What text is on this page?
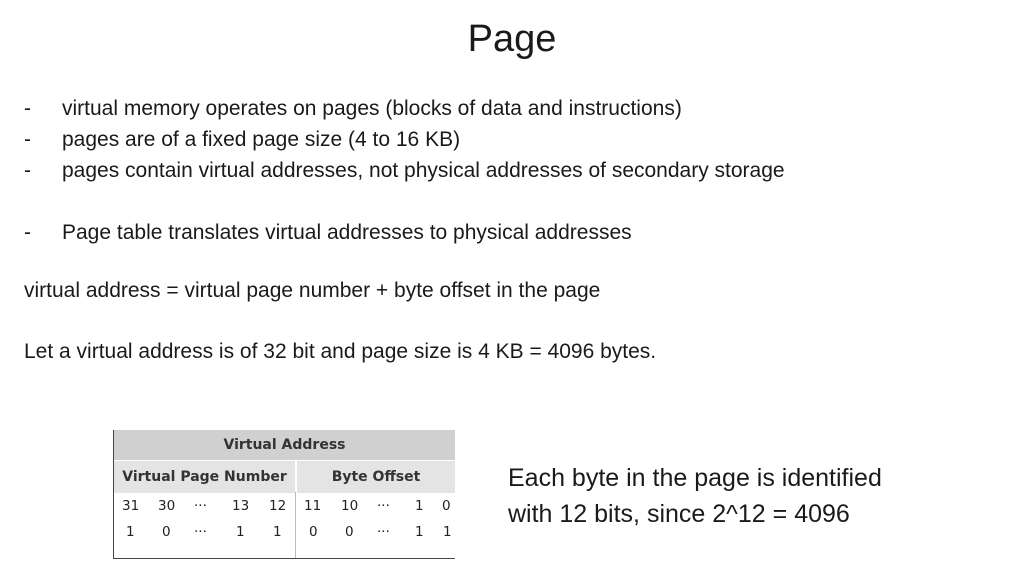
Page
-	virtual memory operates on pages (blocks of data and instructions)
-	pages are of a fixed page size (4 to 16 KB)
-	pages contain virtual addresses, not physical addresses of secondary storage
-	Page table translates virtual addresses to physical addresses
virtual address = virtual page number + byte offset in the page
Let a virtual address is of 32 bit and page size is 4 KB = 4096 bytes.
Virtual Address
Virtual Page Number	Byte Offset
31 30 ··· 13 12 11 10 ··· 1 0
1 0 ··· 1 1 0 0 ··· 1 1
Each byte in the page is identified
with 12 bits, since 2^12 = 4096
